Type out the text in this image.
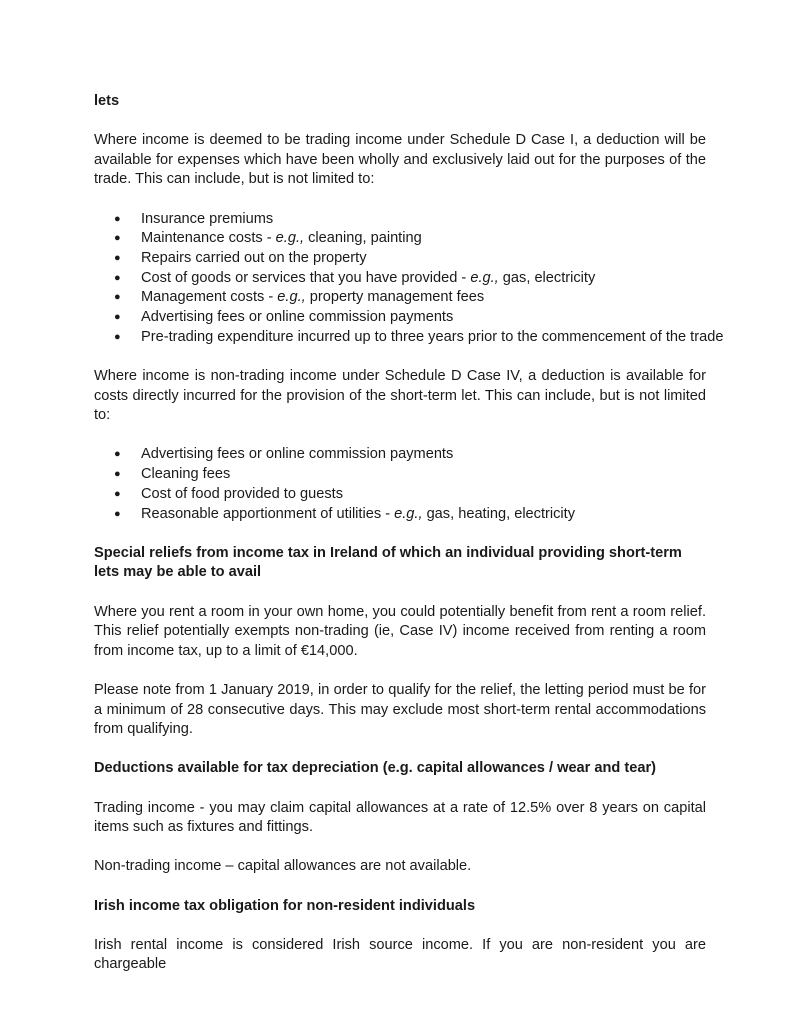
lets

Where income is deemed to be trading income under Schedule D Case I, a deduction will be available for expenses which have been wholly and exclusively laid out for the purposes of the trade. This can include, but is not limited to:

● Insurance premiums
● Maintenance costs - e.g., cleaning, painting
● Repairs carried out on the property
● Cost of goods or services that you have provided - e.g., gas, electricity
● Management costs - e.g., property management fees
● Advertising fees or online commission payments
● Pre-trading expenditure incurred up to three years prior to the commencement of the trade

Where income is non-trading income under Schedule D Case IV, a deduction is available for costs directly incurred for the provision of the short-term let. This can include, but is not limited to:

● Advertising fees or online commission payments
● Cleaning fees
● Cost of food provided to guests
● Reasonable apportionment of utilities - e.g., gas, heating, electricity

Special reliefs from income tax in Ireland of which an individual providing short-term lets may be able to avail

Where you rent a room in your own home, you could potentially benefit from rent a room relief. This relief potentially exempts non-trading (ie, Case IV) income received from renting a room from income tax, up to a limit of €14,000.

Please note from 1 January 2019, in order to qualify for the relief, the letting period must be for a minimum of 28 consecutive days. This may exclude most short-term rental accommodations from qualifying.

Deductions available for tax depreciation (e.g. capital allowances / wear and tear)

Trading income - you may claim capital allowances at a rate of 12.5% over 8 years on capital items such as fixtures and fittings.

Non-trading income – capital allowances are not available.

Irish income tax obligation for non-resident individuals

Irish rental income is considered Irish source income. If you are non-resident you are chargeable
